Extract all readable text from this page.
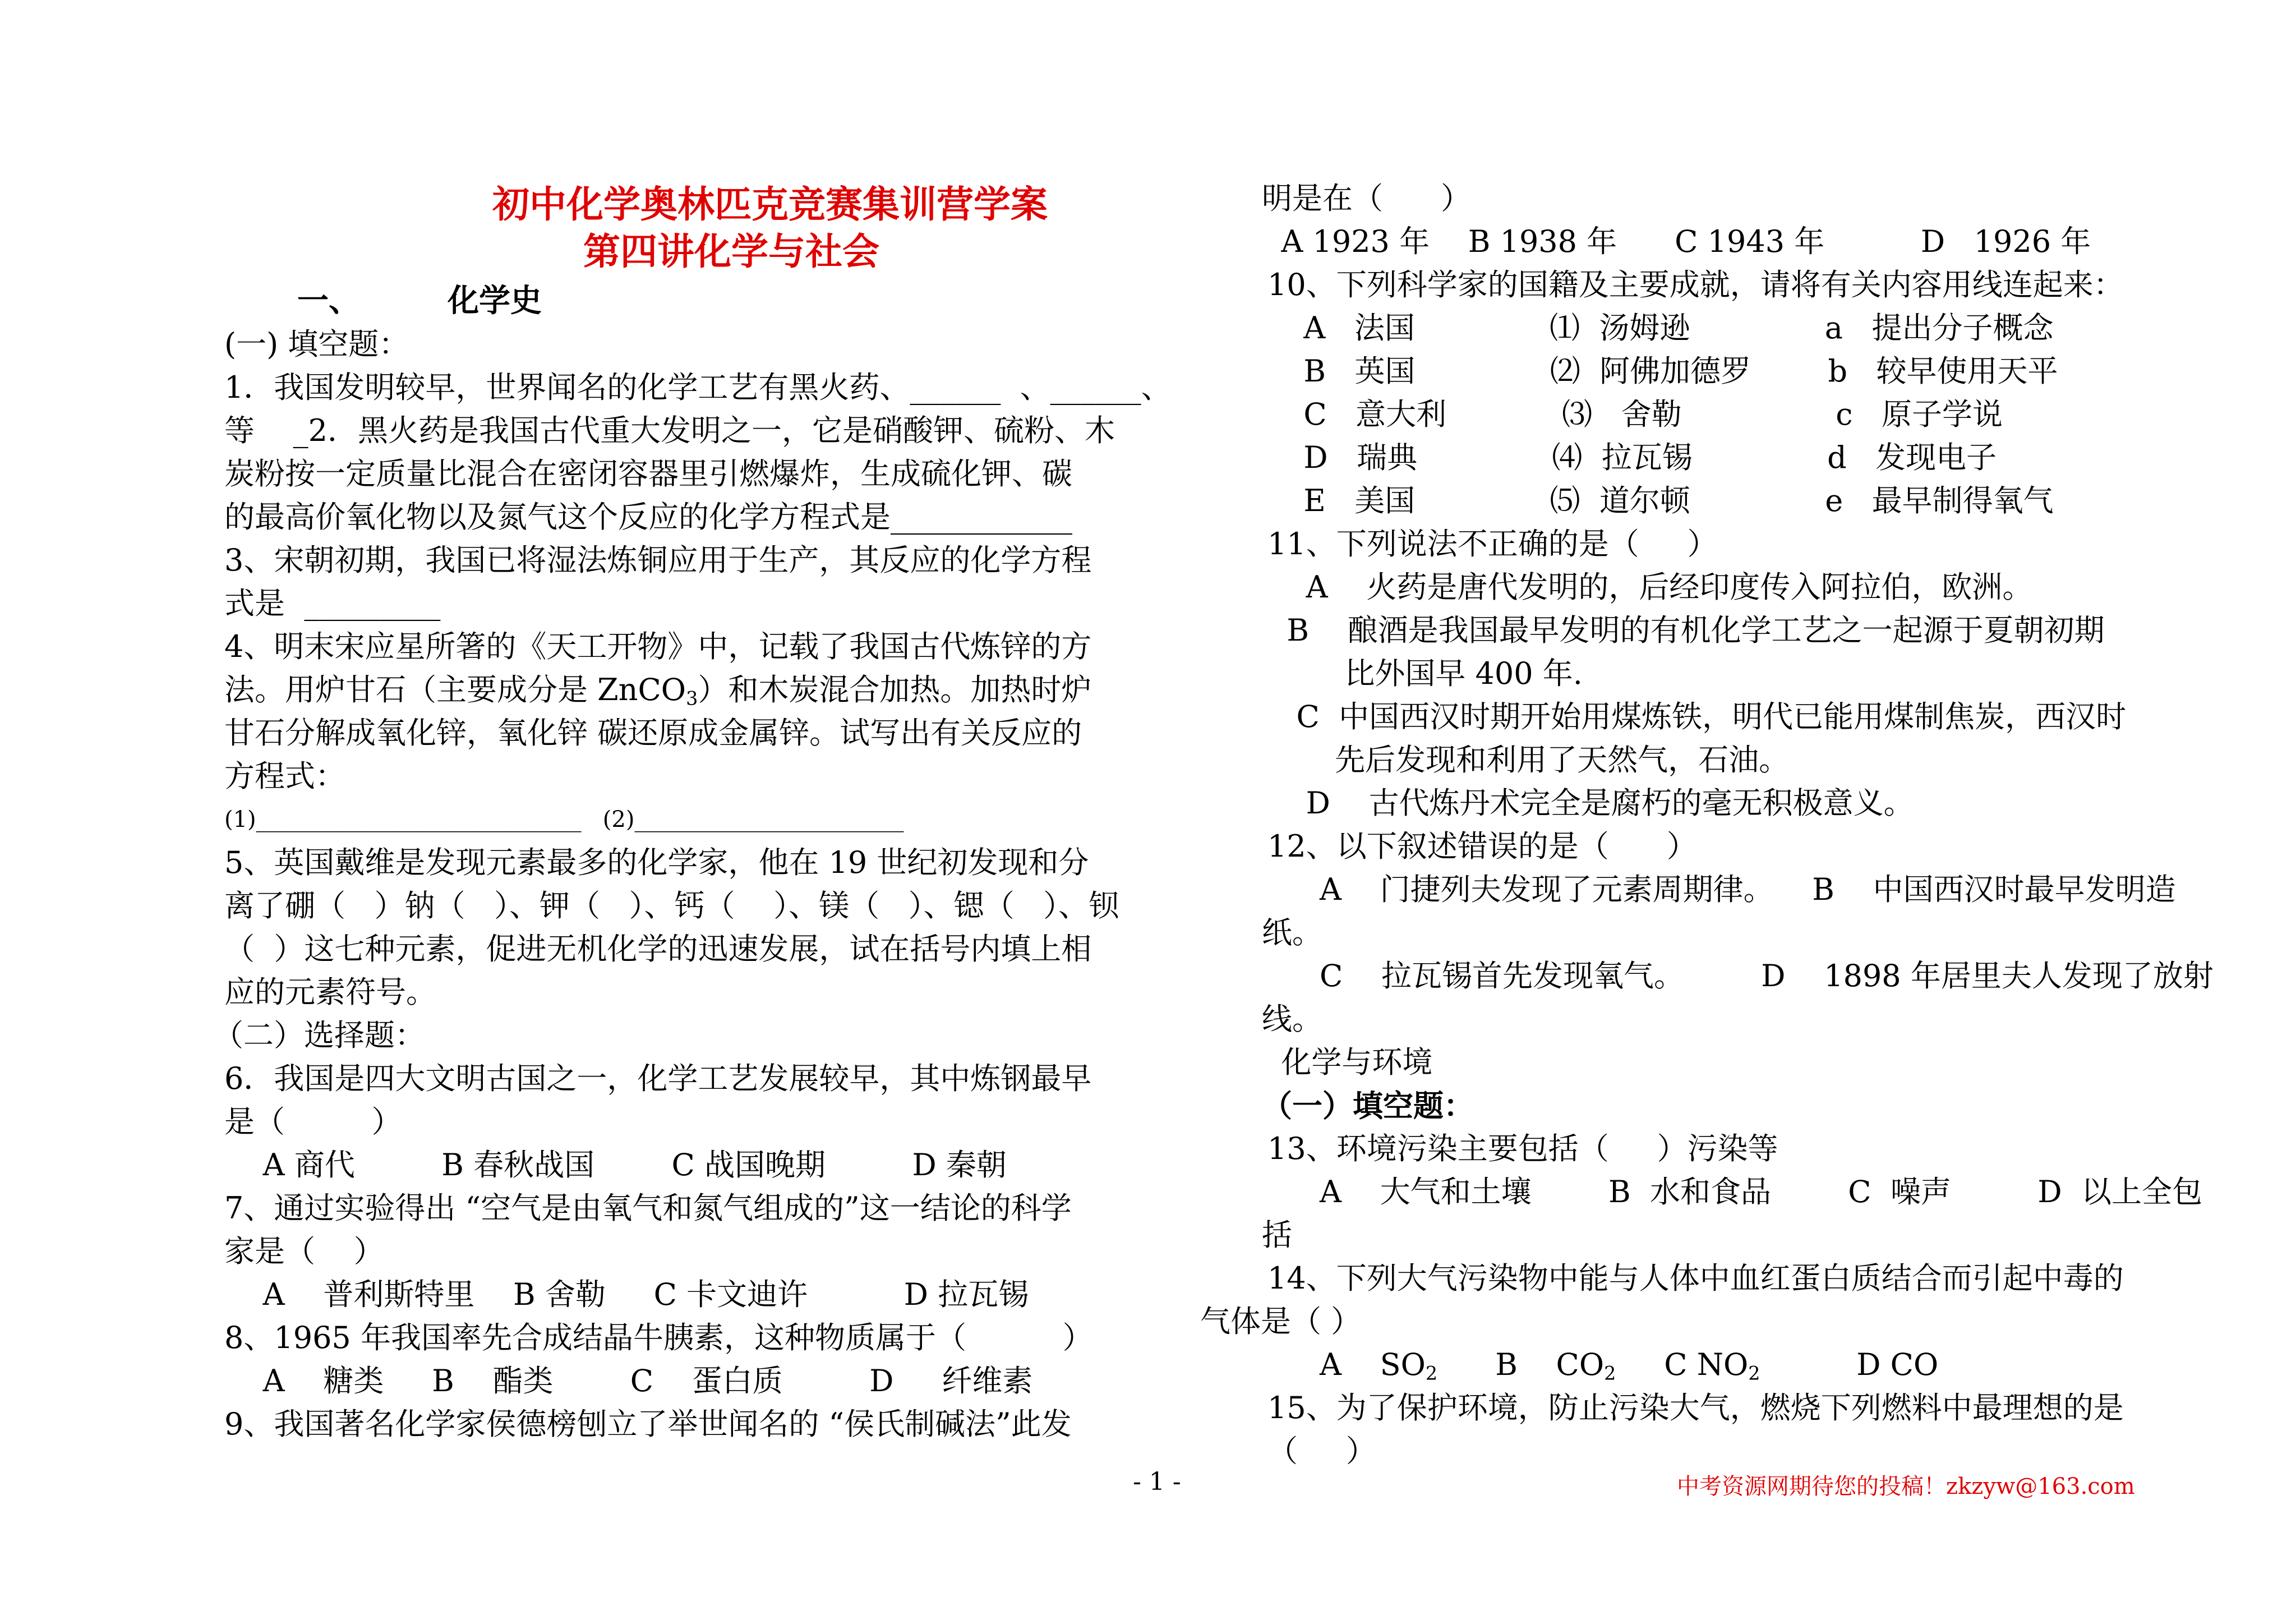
初中化学奥林匹克竞赛集训营学案
第四讲化学与社会
一、        化学史
(一) 填空题：
1．我国发明较早，世界闻名的化学工艺有黑火药、______  、______、
等    _2．黑火药是我国古代重大发明之一，它是硝酸钾、硫粉、木
炭粉按一定质量比混合在密闭容器里引燃爆炸，生成硫化钾、碳
的最高价氧化物以及氮气这个反应的化学方程式是____________
3、宋朝初期，我国已将湿法炼铜应用于生产，其反应的化学方程
式是  _________
4、明末宋应星所箸的《天工开物》中，记载了我国古代炼锌的方
法。用炉甘石（主要成分是 ZnCO$_3$）和木炭混合加热。加热时炉
甘石分解成氧化锌，氧化锌 碳还原成金属锌。试写出有关反应的
方程式：
(1)_____________________________   (2)________________________
5、英国戴维是发现元素最多的化学家，他在 19 世纪初发现和分
离了硼（   ）钠（   ）、钾（   ）、钙（    ）、镁（   ）、锶（   ）、钡
（  ）这七种元素，促进无机化学的迅速发展，试在括号内填上相
应的元素符号。
（二）选择题：
6．我国是四大文明古国之一，化学工艺发展较早，其中炼钢最早
是（         ）
A 商代         B 春秋战国        C 战国晚期         D 秦朝
7、通过实验得出 “空气是由氧气和氮气组成的”这一结论的科学
家是（    ）
A    普利斯特里    B 舍勒     C 卡文迪许          D 拉瓦锡
8、1965 年我国率先合成结晶牛胰素，这种物质属于（          ）
A    糖类     B    酯类        C    蛋白质         D     纤维素
9、我国著名化学家侯德榜刨立了举世闻名的 “侯氏制碱法”此发
明是在（      ）
A 1923 年    B 1938 年      C 1943 年          D   1926 年
10、下列科学家的国籍及主要成就，请将有关内容用线连起来：
A   法国              ⑴  汤姆逊              a   提出分子概念
B   英国              ⑵  阿佛加德罗        b   较早使用天平
C   意大利            ⑶   舍勒                c   原子学说
D   瑞典              ⑷  拉瓦锡              d   发现电子
E   美国              ⑸  道尔顿              e   最早制得氧气
11、下列说法不正确的是（     ）
A    火药是唐代发明的，后经印度传入阿拉伯，欧洲。
B    酿酒是我国最早发明的有机化学工艺之一起源于夏朝初期
比外国早 400 年.
C  中国西汉时期开始用煤炼铁，明代已能用煤制焦炭，西汉时
先后发现和利用了天然气，石油。
D    古代炼丹术完全是腐朽的毫无积极意义。
12、以下叙述错误的是（      ）
A    门捷列夫发现了元素周期律。    B    中国西汉时最早发明造
纸。
C    拉瓦锡首先发现氧气。        D    1898 年居里夫人发现了放射
线。
化学与环境
（一）填空题：
13、环境污染主要包括（     ）污染等
A    大气和土壤        B  水和食品        C  噪声         D  以上全包
括
14、下列大气污染物中能与人体中血红蛋白质结合而引起中毒的
气体是（ ）
A    $SO_2$      B    $CO_2$     C $NO_2$          D CO
15、为了保护环境，防止污染大气，燃烧下列燃料中最理想的是
（     ）
- 1 -	中考资源网期待您的投稿！zkzyw@163.com
